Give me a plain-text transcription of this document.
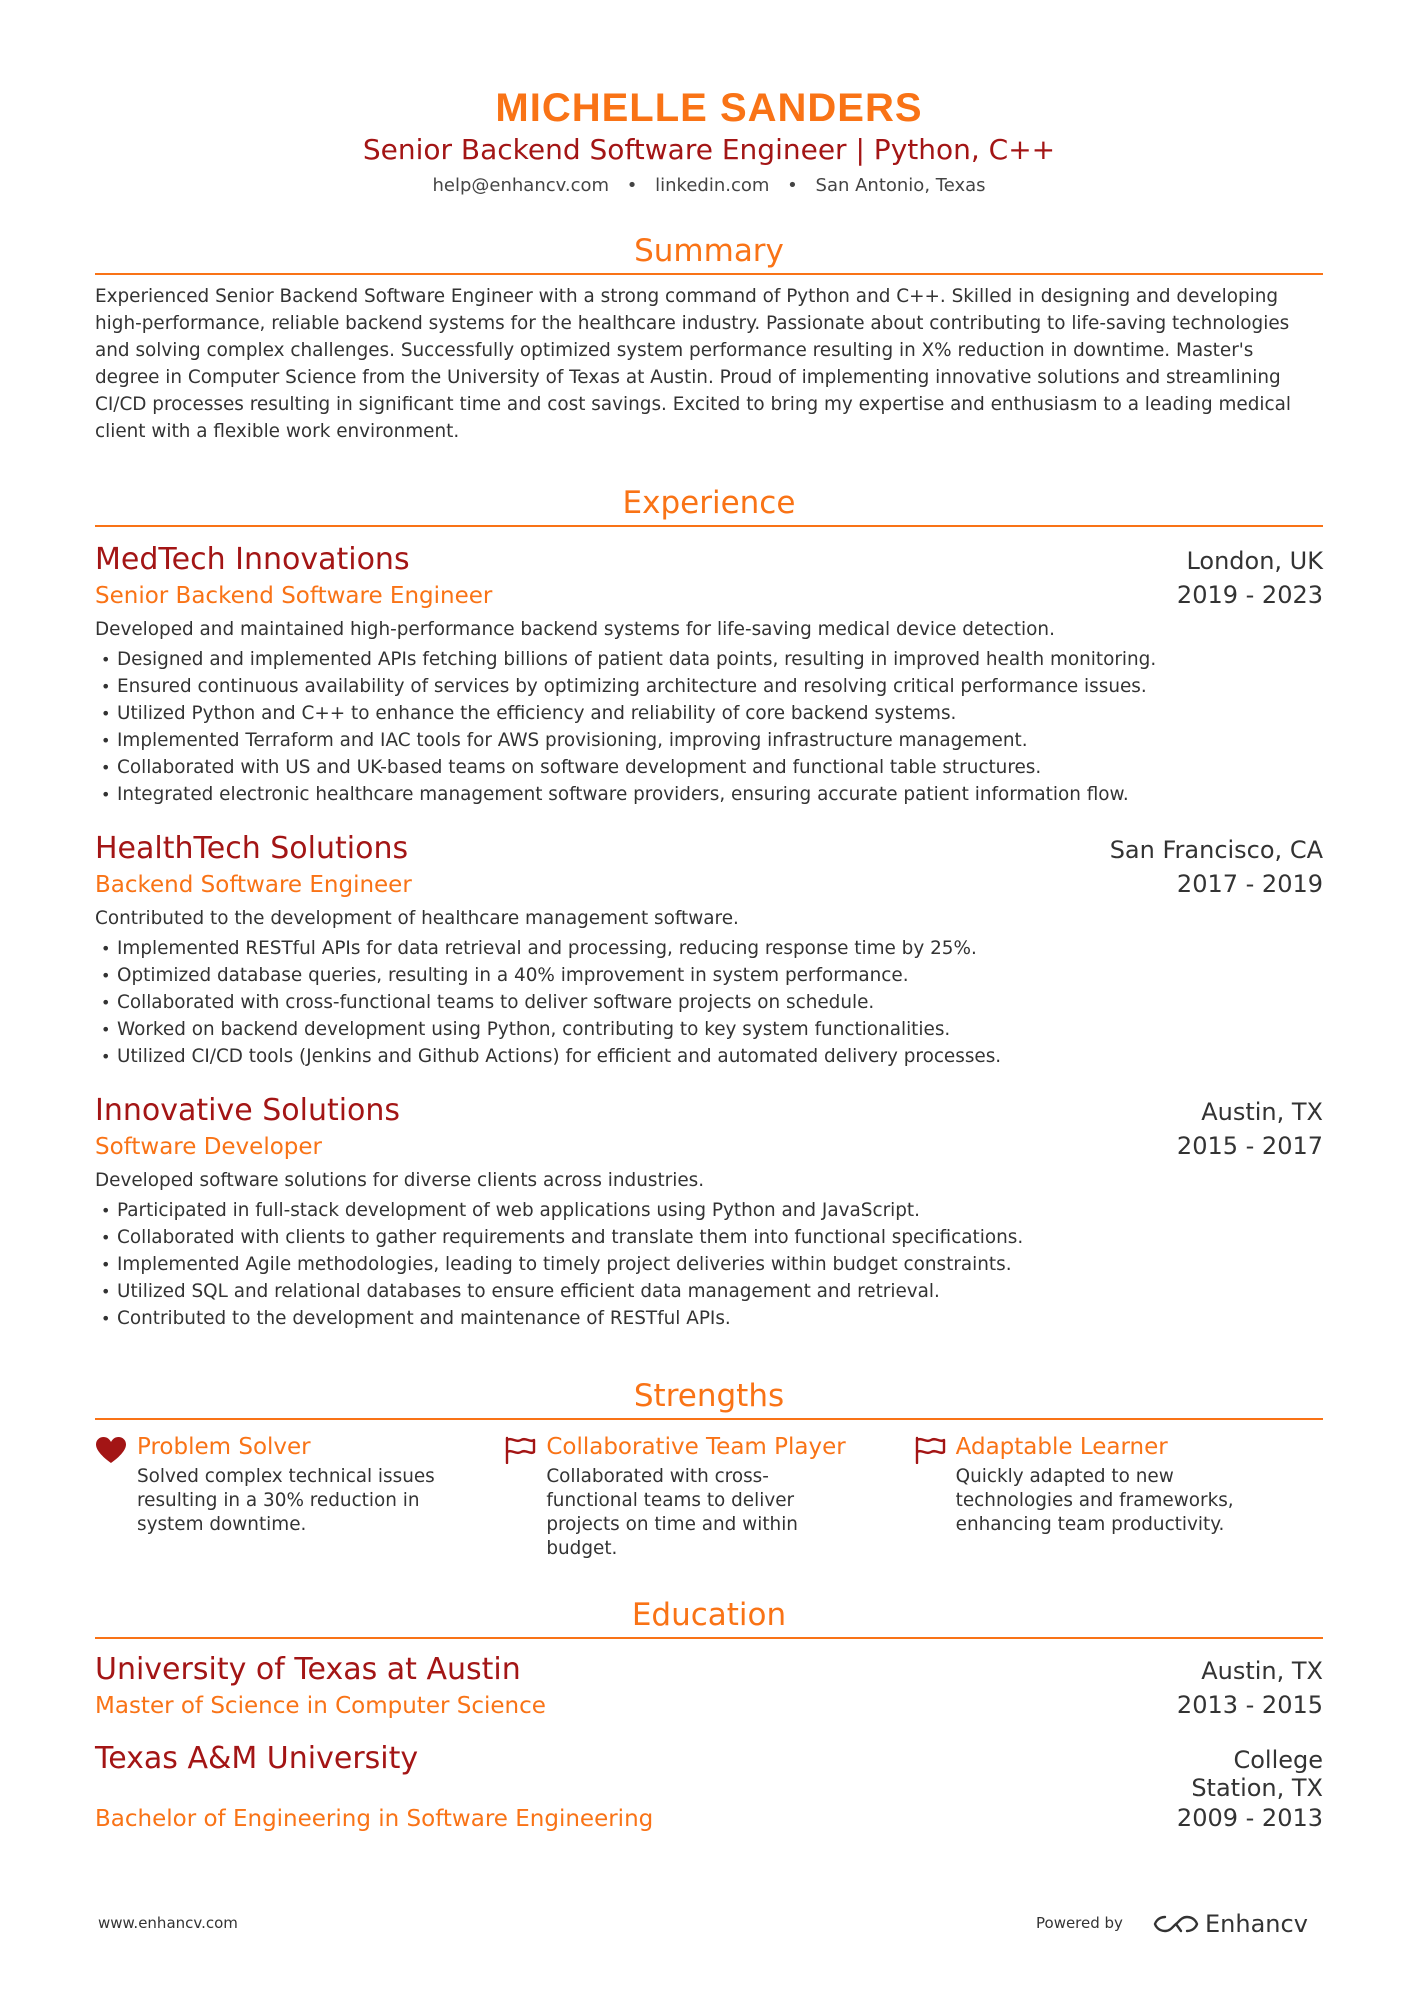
MICHELLE SANDERS
Senior Backend Software Engineer | Python, C++
help@enhancv.com • linkedin.com • San Antonio, Texas
Summary
Experienced Senior Backend Software Engineer with a strong command of Python and C++. Skilled in designing and developing high-performance, reliable backend systems for the healthcare industry. Passionate about contributing to life-saving technologies and solving complex challenges. Successfully optimized system performance resulting in X% reduction in downtime. Master's degree in Computer Science from the University of Texas at Austin. Proud of implementing innovative solutions and streamlining CI/CD processes resulting in significant time and cost savings. Excited to bring my expertise and enthusiasm to a leading medical client with a flexible work environment.
Experience
MedTech Innovations	London, UK
Senior Backend Software Engineer	2019 - 2023
Developed and maintained high-performance backend systems for life-saving medical device detection.
• Designed and implemented APIs fetching billions of patient data points, resulting in improved health monitoring.
• Ensured continuous availability of services by optimizing architecture and resolving critical performance issues.
• Utilized Python and C++ to enhance the efficiency and reliability of core backend systems.
• Implemented Terraform and IAC tools for AWS provisioning, improving infrastructure management.
• Collaborated with US and UK-based teams on software development and functional table structures.
• Integrated electronic healthcare management software providers, ensuring accurate patient information flow.
HealthTech Solutions	San Francisco, CA
Backend Software Engineer	2017 - 2019
Contributed to the development of healthcare management software.
• Implemented RESTful APIs for data retrieval and processing, reducing response time by 25%.
• Optimized database queries, resulting in a 40% improvement in system performance.
• Collaborated with cross-functional teams to deliver software projects on schedule.
• Worked on backend development using Python, contributing to key system functionalities.
• Utilized CI/CD tools (Jenkins and Github Actions) for efficient and automated delivery processes.
Innovative Solutions	Austin, TX
Software Developer	2015 - 2017
Developed software solutions for diverse clients across industries.
• Participated in full-stack development of web applications using Python and JavaScript.
• Collaborated with clients to gather requirements and translate them into functional specifications.
• Implemented Agile methodologies, leading to timely project deliveries within budget constraints.
• Utilized SQL and relational databases to ensure efficient data management and retrieval.
• Contributed to the development and maintenance of RESTful APIs.
Strengths
Problem Solver
Solved complex technical issues resulting in a 30% reduction in system downtime.
Collaborative Team Player
Collaborated with cross-functional teams to deliver projects on time and within budget.
Adaptable Learner
Quickly adapted to new technologies and frameworks, enhancing team productivity.
Education
University of Texas at Austin	Austin, TX
Master of Science in Computer Science	2013 - 2015
Texas A&M University	College Station, TX
Bachelor of Engineering in Software Engineering	2009 - 2013
www.enhancv.com	Powered by	Enhancv
